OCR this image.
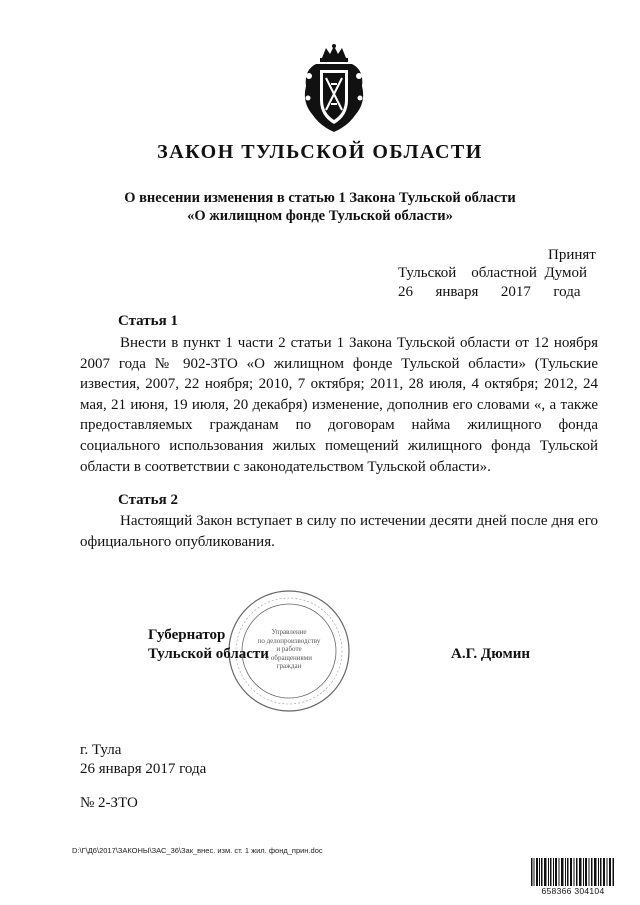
ЗАКОН ТУЛЬСКОЙ ОБЛАСТИ
О внесении изменения в статью 1 Закона Тульской области
«О жилищном фонде Тульской области»
Принят
Тульской    областной  Думой
26      января      2017      года
Статья 1
Внести в пункт 1 части 2 статьи 1 Закона Тульской области от 12 ноября 2007 года № 902-ЗТО «О жилищном фонде Тульской области» (Тульские известия, 2007, 22 ноября; 2010, 7 октября; 2011, 28 июля, 4 октября; 2012, 24 мая, 21 июня, 19 июля, 20 декабря) изменение, дополнив его словами «, а также предоставляемых гражданам по договорам найма жилищного фонда социального использования жилых помещений жилищного фонда Тульской области в соответствии с законодательством Тульской области».
Статья 2
Настоящий Закон вступает в силу по истечении десяти дней после дня его официального опубликования.
Управление
по делопроизводству
и работе
с обращениями
граждан
Губернатор
Тульской области	А.Г. Дюмин
г. Тула
26 января 2017 года
№ 2-ЗТО
D:\Г\Д6\2017\ЗАКОНЫ\ЗАС_36\Зак_внес. изм. ст. 1 жил. фонд_прин.doc
658366 304104
